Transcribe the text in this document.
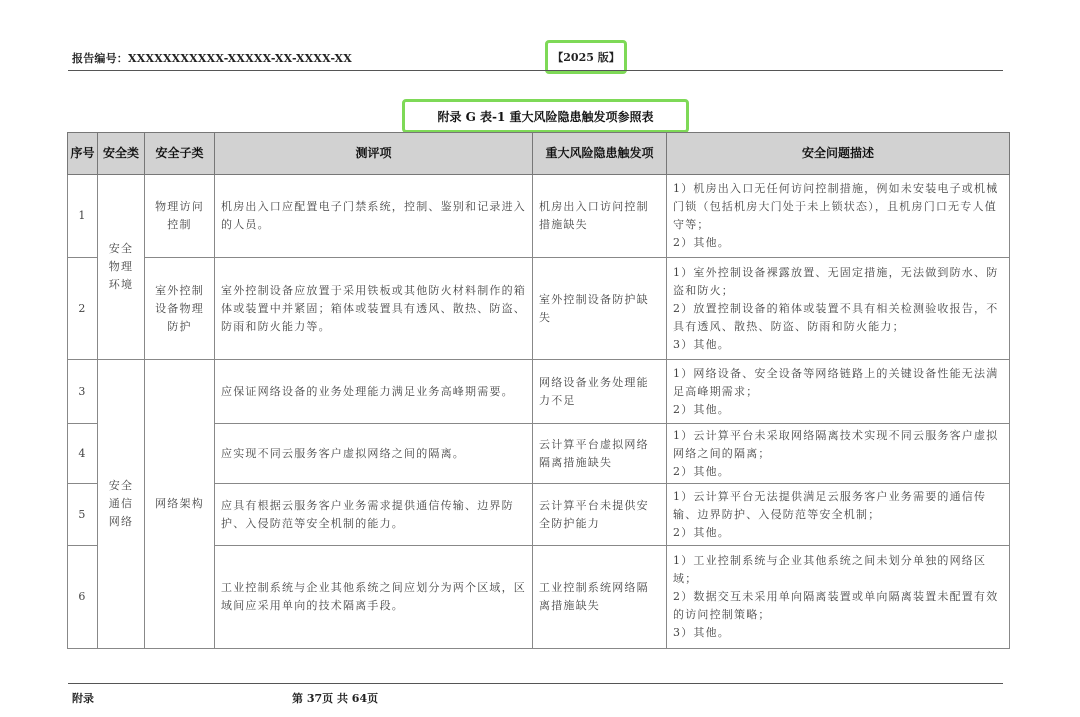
报告编号：XXXXXXXXXXX-XXXXX-XX-XXXX-XX	【2025 版】
附录 G 表-1 重大风险隐患触发项参照表
序号	安全类	安全子类	测评项	重大风险隐患触发项	安全问题描述
1	安全物理环境	物理访问控制	机房出入口应配置电子门禁系统，控制、鉴别和记录进入的人员。	机房出入口访问控制措施缺失	1）机房出入口无任何访问控制措施，例如未安装电子或机械门锁（包括机房大门处于未上锁状态），且机房门口无专人值守等；
2）其他。

2		室外控制设备物理防护	室外控制设备应放置于采用铁板或其他防火材料制作的箱体或装置中并紧固；箱体或装置具有透风、散热、防盗、防雨和防火能力等。	室外控制设备防护缺失	1）室外控制设备裸露放置、无固定措施，无法做到防水、防盗和防火；
2）放置控制设备的箱体或装置不具有相关检测验收报告，不具有透风、散热、防盗、防雨和防火能力；
3）其他。

3	安全通信网络	网络架构	应保证网络设备的业务处理能力满足业务高峰期需要。	网络设备业务处理能力不足	1）网络设备、安全设备等网络链路上的关键设备性能无法满足高峰期需求；
2）其他。

4			应实现不同云服务客户虚拟网络之间的隔离。	云计算平台虚拟网络隔离措施缺失	1）云计算平台未采取网络隔离技术实现不同云服务客户虚拟网络之间的隔离；
2）其他。

5			应具有根据云服务客户业务需求提供通信传输、边界防护、入侵防范等安全机制的能力。	云计算平台未提供安全防护能力	1）云计算平台无法提供满足云服务客户业务需要的通信传输、边界防护、入侵防范等安全机制；
2）其他。

6			工业控制系统与企业其他系统之间应划分为两个区域，区域间应采用单向的技术隔离手段。	工业控制系统网络隔离措施缺失	1）工业控制系统与企业其他系统之间未划分单独的网络区域；
2）数据交互未采用单向隔离装置或单向隔离装置未配置有效的访问控制策略；
3）其他。
附录	第 37页 共 64页
